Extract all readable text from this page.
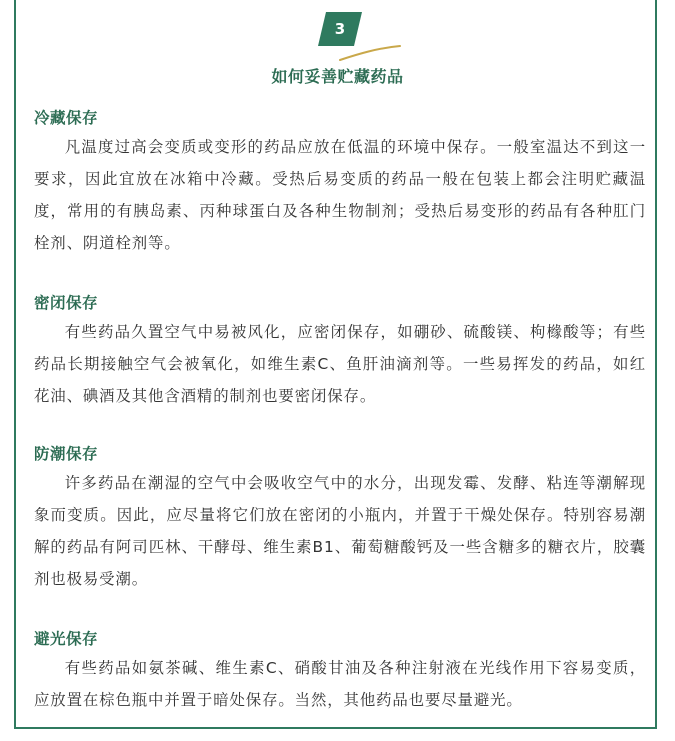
3
如何妥善贮藏药品
冷藏保存
凡温度过高会变质或变形的药品应放在低温的环境中保存。一般室温达不到这一要求，因此宜放在冰箱中冷藏。受热后易变质的药品一般在包装上都会注明贮藏温度，常用的有胰岛素、丙种球蛋白及各种生物制剂；受热后易变形的药品有各种肛门栓剂、阴道栓剂等。
密闭保存
有些药品久置空气中易被风化，应密闭保存，如硼砂、硫酸镁、枸橼酸等；有些药品长期接触空气会被氧化，如维生素C、鱼肝油滴剂等。一些易挥发的药品，如红花油、碘酒及其他含酒精的制剂也要密闭保存。
防潮保存
许多药品在潮湿的空气中会吸收空气中的水分，出现发霉、发酵、粘连等潮解现象而变质。因此，应尽量将它们放在密闭的小瓶内，并置于干燥处保存。特别容易潮解的药品有阿司匹林、干酵母、维生素B1、葡萄糖酸钙及一些含糖多的糖衣片，胶囊剂也极易受潮。
避光保存
有些药品如氨茶碱、维生素C、硝酸甘油及各种注射液在光线作用下容易变质，应放置在棕色瓶中并置于暗处保存。当然，其他药品也要尽量避光。
